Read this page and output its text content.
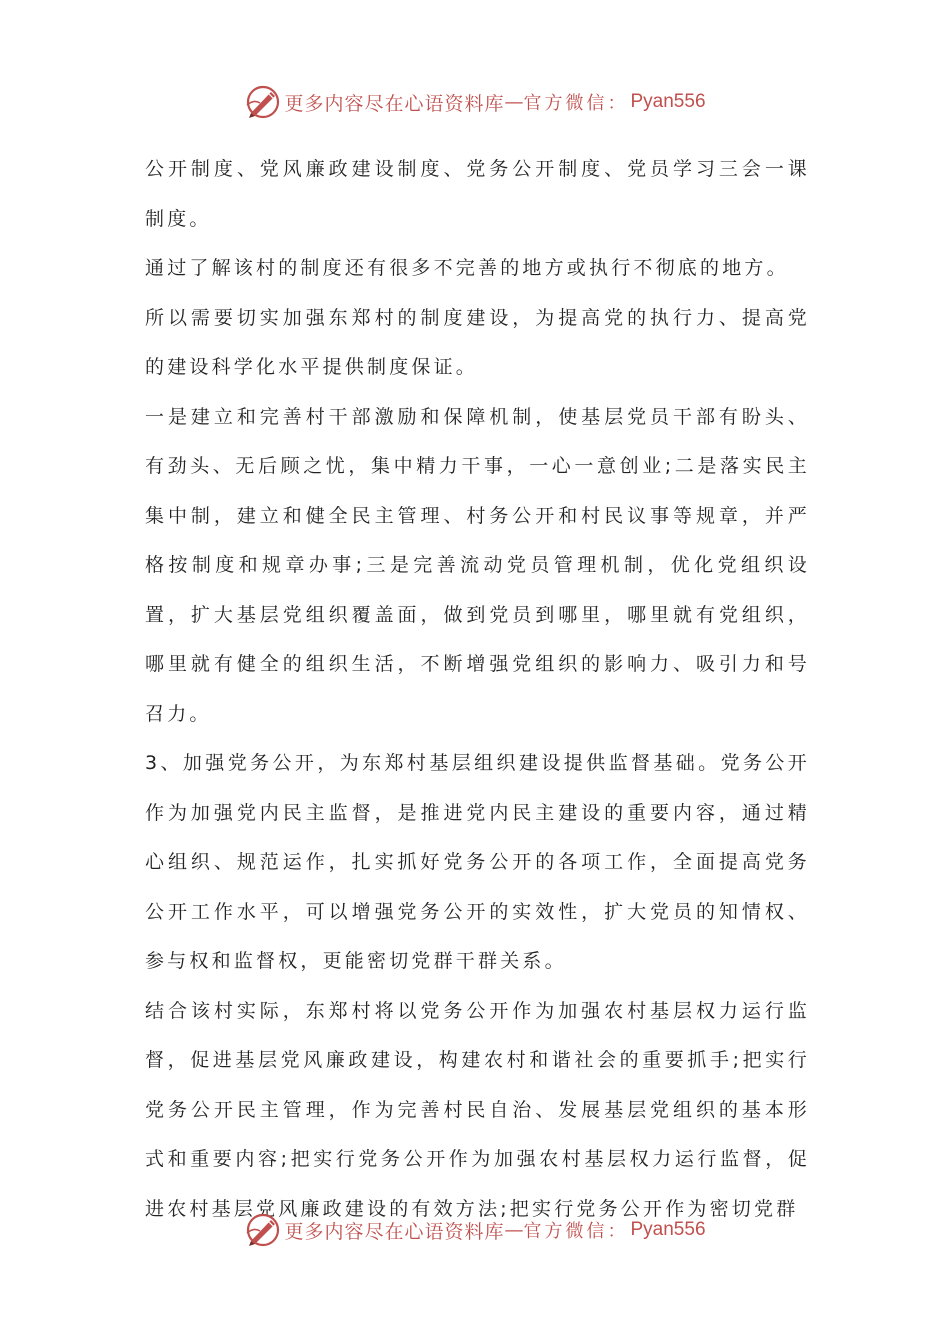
更多内容尽在心语资料库 — 官方微信： Pyan556

公开制度、党风廉政建设制度、党务公开制度、党员学习三会一课制度。

通过了解该村的制度还有很多不完善的地方或执行不彻底的地方。

所以需要切实加强东郑村的制度建设，为提高党的执行力、提高党的建设科学化水平提供制度保证。

一是建立和完善村干部激励和保障机制，使基层党员干部有盼头、有劲头、无后顾之忧，集中精力干事，一心一意创业;二是落实民主集中制，建立和健全民主管理、村务公开和村民议事等规章，并严格按制度和规章办事;三是完善流动党员管理机制，优化党组织设置，扩大基层党组织覆盖面，做到党员到哪里，哪里就有党组织，哪里就有健全的组织生活，不断增强党组织的影响力、吸引力和号召力。

3、加强党务公开，为东郑村基层组织建设提供监督基础。党务公开作为加强党内民主监督，是推进党内民主建设的重要内容，通过精心组织、规范运作，扎实抓好党务公开的各项工作，全面提高党务公开工作水平，可以增强党务公开的实效性，扩大党员的知情权、参与权和监督权，更能密切党群干群关系。

结合该村实际，东郑村将以党务公开作为加强农村基层权力运行监督，促进基层党风廉政建设，构建农村和谐社会的重要抓手;把实行党务公开民主管理，作为完善村民自治、发展基层党组织的基本形式和重要内容;把实行党务公开作为加强农村基层权力运行监督，促进农村基层党风廉政建设的有效方法;把实行党务公开作为密切党群

更多内容尽在心语资料库 — 官方微信： Pyan556
